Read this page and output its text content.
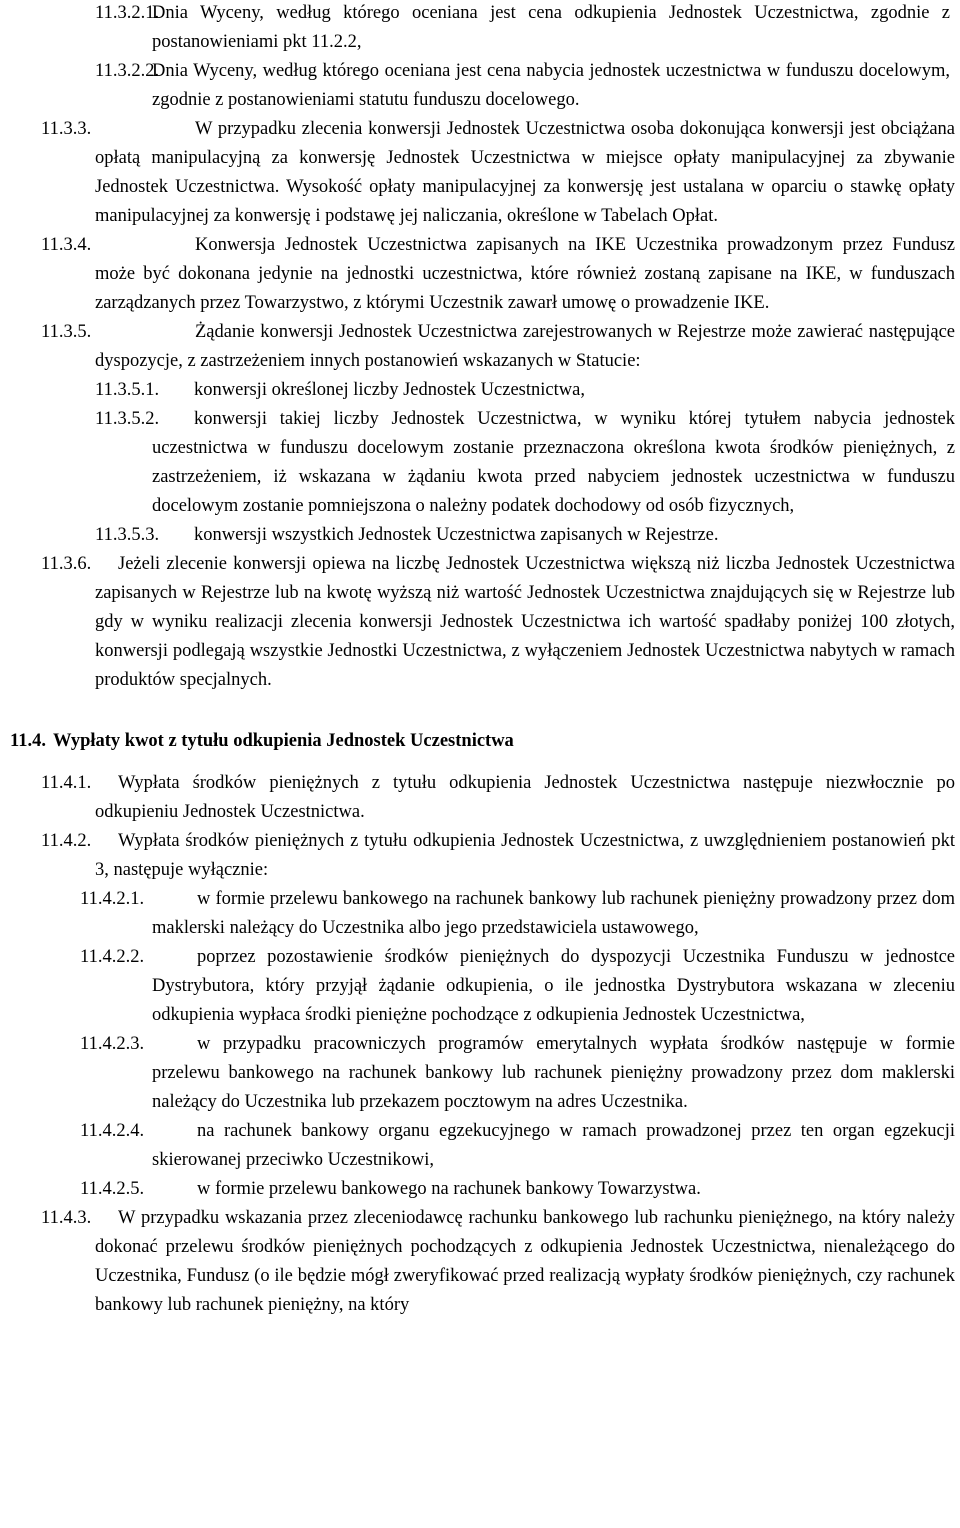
11.3.2.1.
Dnia Wyceny, według którego oceniana jest cena odkupienia Jednostek Uczestnictwa, zgodnie z postanowieniami pkt 11.2.2,
11.3.2.2.
Dnia Wyceny, według którego oceniana jest cena nabycia jednostek uczestnictwa w funduszu docelowym, zgodnie z postanowieniami statutu funduszu docelowego.
11.3.3.	W przypadku zlecenia konwersji Jednostek Uczestnictwa osoba dokonująca konwersji jest obciążana opłatą manipulacyjną za konwersję Jednostek Uczestnictwa w miejsce opłaty manipulacyjnej za zbywanie Jednostek Uczestnictwa. Wysokość opłaty manipulacyjnej za konwersję jest ustalana w oparciu o stawkę opłaty manipulacyjnej za konwersję i podstawę jej naliczania, określone w Tabelach Opłat.
11.3.4.	Konwersja Jednostek Uczestnictwa zapisanych na IKE Uczestnika prowadzonym przez Fundusz może być dokonana jedynie na jednostki uczestnictwa, które również zostaną zapisane na IKE, w funduszach zarządzanych przez Towarzystwo, z którymi Uczestnik zawarł umowę o prowadzenie IKE.
11.3.5.	Żądanie konwersji Jednostek Uczestnictwa zarejestrowanych w Rejestrze może zawierać następujące dyspozycje, z zastrzeżeniem innych postanowień wskazanych w Statucie:
11.3.5.1. konwersji określonej liczby Jednostek Uczestnictwa,
11.3.5.2. konwersji takiej liczby Jednostek Uczestnictwa, w wyniku której tytułem nabycia jednostek uczestnictwa w funduszu docelowym zostanie przeznaczona określona kwota środków pieniężnych, z zastrzeżeniem, iż wskazana w żądaniu kwota przed nabyciem jednostek uczestnictwa w funduszu docelowym zostanie pomniejszona o należny podatek dochodowy od osób fizycznych,
11.3.5.3. konwersji wszystkich Jednostek Uczestnictwa zapisanych w Rejestrze.
11.3.6. Jeżeli zlecenie konwersji opiewa na liczbę Jednostek Uczestnictwa większą niż liczba Jednostek Uczestnictwa zapisanych w Rejestrze lub na kwotę wyższą niż wartość Jednostek Uczestnictwa znajdujących się w Rejestrze lub gdy w wyniku realizacji zlecenia konwersji Jednostek Uczestnictwa ich wartość spadłaby poniżej 100 złotych, konwersji podlegają wszystkie Jednostki Uczestnictwa, z wyłączeniem Jednostek Uczestnictwa nabytych w ramach produktów specjalnych.
11.4. Wypłaty kwot z tytułu odkupienia Jednostek Uczestnictwa
11.4.1. Wypłata środków pieniężnych z tytułu odkupienia Jednostek Uczestnictwa następuje niezwłocznie po odkupieniu Jednostek Uczestnictwa.
11.4.2. Wypłata środków pieniężnych z tytułu odkupienia Jednostek Uczestnictwa, z uwzględnieniem postanowień pkt 3, następuje wyłącznie:
11.4.2.1.	w formie przelewu bankowego na rachunek bankowy lub rachunek pieniężny prowadzony przez dom maklerski należący do Uczestnika albo jego przedstawiciela ustawowego,
11.4.2.2.	poprzez pozostawienie środków pieniężnych do dyspozycji Uczestnika Funduszu w jednostce Dystrybutora, który przyjął żądanie odkupienia, o ile jednostka Dystrybutora wskazana w zleceniu odkupienia wypłaca środki pieniężne pochodzące z odkupienia Jednostek Uczestnictwa,
11.4.2.3.	w przypadku pracowniczych programów emerytalnych wypłata środków następuje w formie przelewu bankowego na rachunek bankowy lub rachunek pieniężny prowadzony przez dom maklerski należący do Uczestnika lub przekazem pocztowym na adres Uczestnika.
11.4.2.4.	na rachunek bankowy organu egzekucyjnego w ramach prowadzonej przez ten organ egzekucji skierowanej przeciwko Uczestnikowi,
11.4.2.5.	w formie przelewu bankowego na rachunek bankowy Towarzystwa.
11.4.3. W przypadku wskazania przez zleceniodawcę rachunku bankowego lub rachunku pieniężnego, na który należy dokonać przelewu środków pieniężnych pochodzących z odkupienia Jednostek Uczestnictwa, nienależącego do Uczestnika, Fundusz (o ile będzie mógł zweryfikować przed realizacją wypłaty środków pieniężnych, czy rachunek bankowy lub rachunek pieniężny, na który
